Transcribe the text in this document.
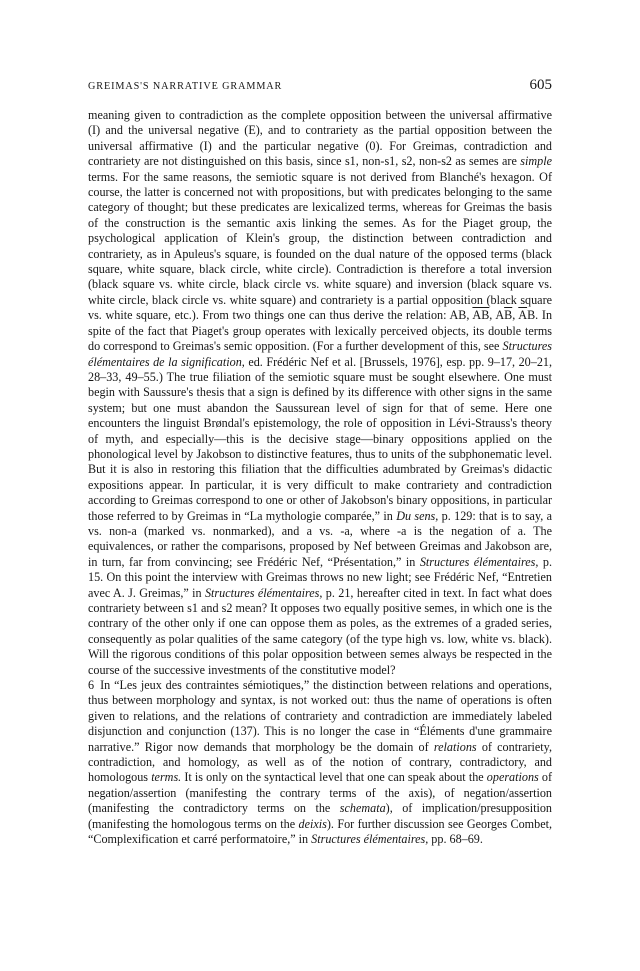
GREIMAS'S NARRATIVE GRAMMAR	605

meaning given to contradiction as the complete opposition between the universal affirmative (I) and the universal negative (E), and to contrariety as the partial opposition between the universal affirmative (I) and the particular negative (0). For Greimas, contradiction and contrariety are not distinguished on this basis, since s1, non-s1, s2, non-s2 as semes are simple terms. For the same reasons, the semiotic square is not derived from Blanché's hexagon. Of course, the latter is concerned not with propositions, but with predicates belonging to the same category of thought; but these predicates are lexicalized terms, whereas for Greimas the basis of the construction is the semantic axis linking the semes. As for the Piaget group, the psychological application of Klein's group, the distinction between contradiction and contrariety, as in Apuleus's square, is founded on the dual nature of the opposed terms (black square, white square, black circle, white circle). Contradiction is therefore a total inversion (black square vs. white circle, black circle vs. white square) and inversion (black square vs. white circle, black circle vs. white square) and contrariety is a partial opposition (black square vs. white square, etc.). From two things one can thus derive the relation: AB, $\overline{AB}$, $A\overline{B}$, $\overline{A}B$. In spite of the fact that Piaget's group operates with lexically perceived objects, its double terms do correspond to Greimas's semic opposition. (For a further development of this, see Structures élémentaires de la signification, ed. Frédéric Nef et al. [Brussels, 1976], esp. pp. 9–17, 20–21, 28–33, 49–55.) The true filiation of the semiotic square must be sought elsewhere. One must begin with Saussure's thesis that a sign is defined by its difference with other signs in the same system; but one must abandon the Saussurean level of sign for that of seme. Here one encounters the linguist Brøndal's epistemology, the role of opposition in Lévi-Strauss's theory of myth, and especially—this is the decisive stage—binary oppositions applied on the phonological level by Jakobson to distinctive features, thus to units of the subphonematic level. But it is also in restoring this filiation that the difficulties adumbrated by Greimas's didactic expositions appear. In particular, it is very difficult to make contrariety and contradiction according to Greimas correspond to one or other of Jakobson's binary oppositions, in particular those referred to by Greimas in “La mythologie comparée,” in Du sens, p. 129: that is to say, a vs. non-a (marked vs. nonmarked), and a vs. -a, where -a is the negation of a. The equivalences, or rather the comparisons, proposed by Nef between Greimas and Jakobson are, in turn, far from convincing; see Frédéric Nef, “Présentation,” in Structures élémentaires, p. 15. On this point the interview with Greimas throws no new light; see Frédéric Nef, “Entretien avec A. J. Greimas,” in Structures élémentaires, p. 21, hereafter cited in text. In fact what does contrariety between s1 and s2 mean? It opposes two equally positive semes, in which one is the contrary of the other only if one can oppose them as poles, as the extremes of a graded series, consequently as polar qualities of the same category (of the type high vs. low, white vs. black). Will the rigorous conditions of this polar opposition between semes always be respected in the course of the successive investments of the constitutive model?

6 In “Les jeux des contraintes sémiotiques,” the distinction between relations and operations, thus between morphology and syntax, is not worked out: thus the name of operations is often given to relations, and the relations of contrariety and contradiction are immediately labeled disjunction and conjunction (137). This is no longer the case in “Éléments d'une grammaire narrative.” Rigor now demands that morphology be the domain of relations of contrariety, contradiction, and homology, as well as of the notion of contrary, contradictory, and homologous terms. It is only on the syntactical level that one can speak about the operations of negation/assertion (manifesting the contrary terms of the axis), of negation/assertion (manifesting the contradictory terms on the schemata), of implication/presupposition (manifesting the homologous terms on the deixis). For further discussion see Georges Combet, “Complexification et carré performatoire,” in Structures élémentaires, pp. 68–69.
